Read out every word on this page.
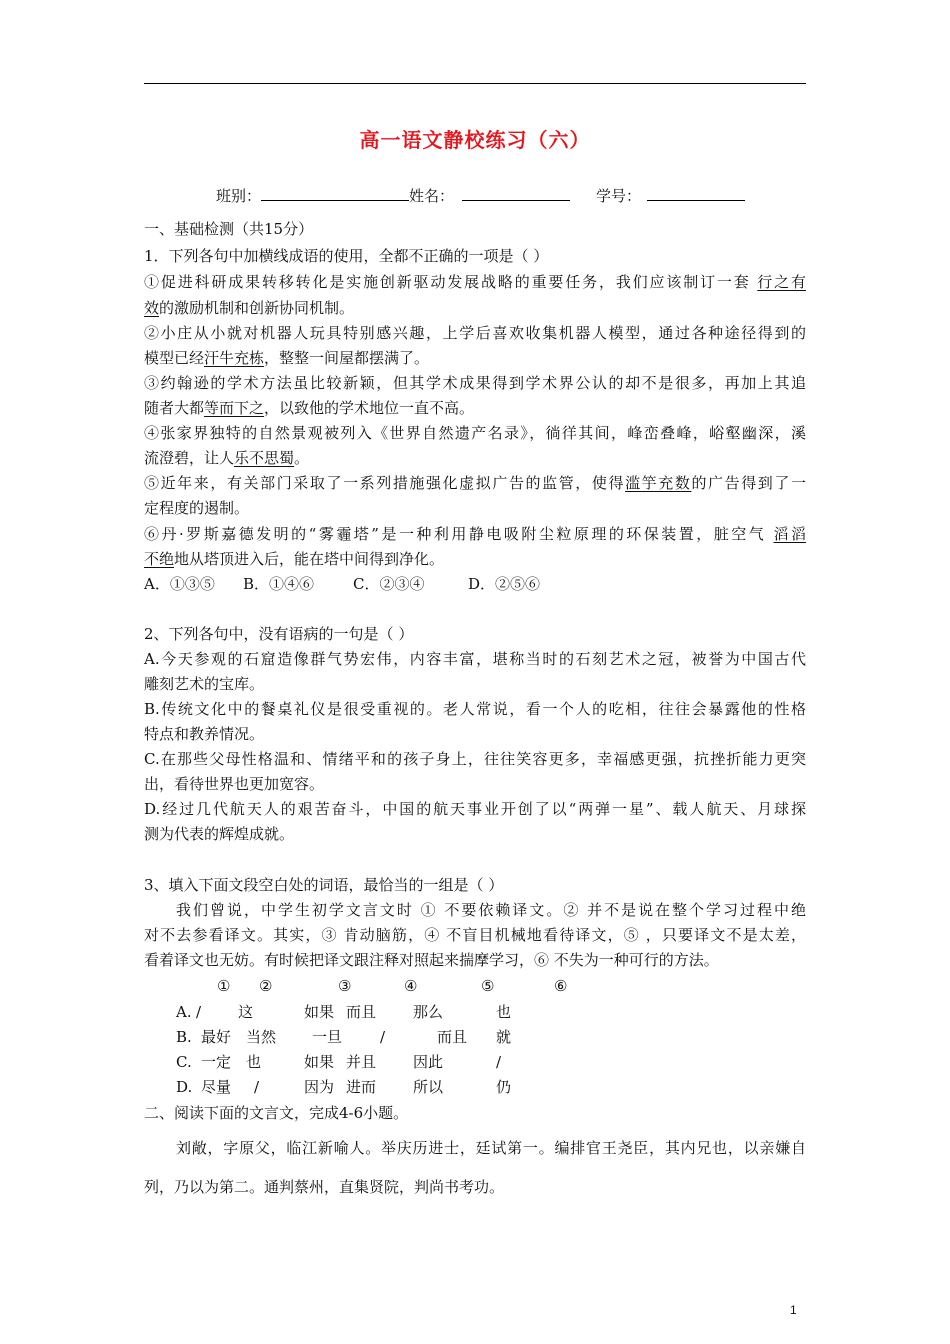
高一语文静校练习（六）
班别：	姓名：	学号：
一、基础检测（共15分）
1．下列各句中加横线成语的使用，全都不正确的一项是（ ）
①促进科研成果转移转化是实施创新驱动发展战略的重要任务，我们应该制订一套 行之有
效的激励机制和创新协同机制。
②小庄从小就对机器人玩具特别感兴趣，上学后喜欢收集机器人模型，通过各种途径得到的
模型已经汗牛充栋，整整一间屋都摆满了。
③约翰逊的学术方法虽比较新颖，但其学术成果得到学术界公认的却不是很多，再加上其追
随者大都等而下之，以致他的学术地位一直不高。
④张家界独特的自然景观被列入《世界自然遗产名录》，徜徉其间，峰峦叠峰，峪壑幽深，溪
流澄碧，让人乐不思蜀。
⑤近年来，有关部门采取了一系列措施强化虚拟广告的监管，使得滥竽充数的广告得到了一
定程度的遏制。
⑥丹·罗斯嘉德发明的“雾霾塔”是一种利用静电吸附尘粒原理的环保装置，脏空气 滔滔
不绝地从塔顶进入后，能在塔中间得到净化。
A．①③⑤ B．①④⑥	C．②③④	D．②⑤⑥
2、下列各句中，没有语病的一句是（ ）
A.今天参观的石窟造像群气势宏伟，内容丰富，堪称当时的石刻艺术之冠，被誉为中国古代
雕刻艺术的宝库。
B.传统文化中的餐桌礼仪是很受重视的。老人常说，看一个人的吃相，往往会暴露他的性格
特点和教养情况。
C.在那些父母性格温和、情绪平和的孩子身上，往往笑容更多，幸福感更强，抗挫折能力更突
出，看待世界也更加宽容。
D.经过几代航天人的艰苦奋斗，中国的航天事业开创了以“两弹一星”、载人航天、月球探
测为代表的辉煌成就。
3、填入下面文段空白处的词语，最恰当的一组是（ ）
我们曾说，中学生初学文言文时 ① 不要依赖译文。② 并不是说在整个学习过程中绝
对不去参看译文。其实，③ 肯动脑筋，④ 不盲目机械地看待译文，⑤ ，只要译文不是太差，
看着译文也无妨。有时候把译文跟注释对照起来揣摩学习，⑥ 不失为一种可行的方法。
① ②	③	④	⑤	⑥
A. / 这	如果 而且 那么	也
B. 最好 当然 一旦	/	而且 就
C. 一定 也	如果 并且 因此	/
D. 尽量 /	因为 进而 所以	仍
二、阅读下面的文言文，完成4-6小题。
刘敞，字原父，临江新喻人。举庆历进士，廷试第一。编排官王尧臣，其内兄也，以亲嫌自
列，乃以为第二。通判蔡州，直集贤院，判尚书考功。
1
